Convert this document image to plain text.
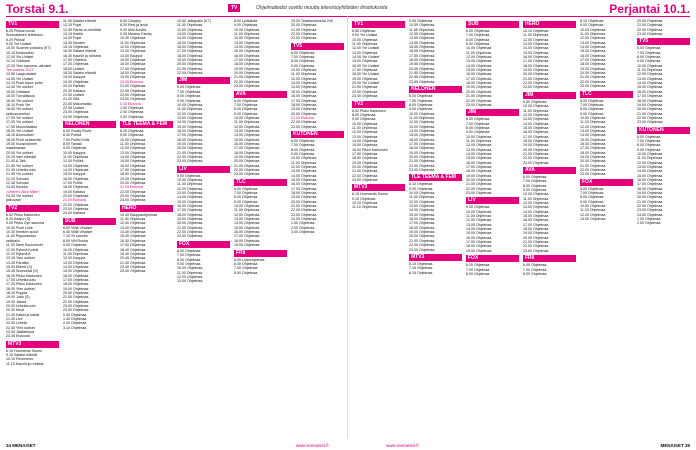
Torstai 9.1.	TV	Ohjelmatiedot sovittu muutta televisioyhtiöiden ilmoituksista	Perjantai 10.1.
TV1
6.25 Pirkka!-kuvia
Suomalaisen television
6.29 Pirkka!
9.00 Yle Uutiset
10.00 Suomen poikkea (KT)
10.15 Keskustelu
12.00 Yle Uutiset
12.14 Oddasat
12.20 Ylen sanoma -aikuiset
Tee uusinta 2017
13.55 Laaja-alaiset
14.00 Yle Uutiset
14.10 Puoli lopun puhe
14.40 Yle uutiset
15.00 Oddasat
15.00 Turvallisuus
16.00 Yle uutiset
16.10 Puoli Yle
16.55 Yle uutiset
selkosuomeksi
17.00 Yle uutiset
17.05 Yle uutiset
17.55 Muumilaakso
18.00 Yle Uutiset
18.15 Alueuutiset
18.25 Puoli seitsemän
19.00 Kuusrosimen
maailmansa
20.00 Yle uutiset
20.15 Vain elämää
21.00 A-Talk
21.50 Yle uutiset
21.49 Urheiluruutu
21.55 Yle uutiset
22.20 Sohvasi
22.38 Sohvasi
23.50 Keuhko
-Where's Alice Miller?
24.00 Yle uutiset
jatkuvasti
TV2
6.52 Pikku Kakkonen
8.20 Kaapo (S)
9.00 Pikku Oyn sanoma
10.00 Puoli Luke
10.30 Ihmisen suvut
11.00 Pippuraudan
seikkailu
11.30 Sami Kuulumiset
12.00 Ryhmä Korkki
12.20 Ryhmä A
13.15 Ylen uutiset
13.30 Paratiisi
15.00 Elämä (S)
15.45 Sunnuntai (S)
16.00 Pikku Kakkonen
17.05 Urheiluruutu
17.25 Pikku Kakkonen
18.00 Ylen uutiset
18.15 Poppia
19.00 Juttu (S)
19.30 Jaksot
20.00 Urheiluruutu
20.30 Muut
21.00 Kaikki ja kaikki
21.30 Live
22.00 Urheilu
22.30 Ylen uutiset
23.05 Jääkiekkoa
23.35 Elokuvat
MTV3
6.15 Huomenta Suomi
9.15 Salatut elämät
10.15 Fenomeno
11.15 Kauniit ja rohkeat
11.45 Salatut elämät
12.15 Pojat
12.45 Paras on kehittää
13.15 Keittiö
14.00 Pojat
14.45 Muuten
15.15 Ohjelmaa
16.00 Salatut elämät
16.30 Kauniit ja rohkeat
17.00 Ohjelma
17.30 Ohjelmaa
18.00 Uutiset
18.30 Salatut elämät
19.00 Kauppa
19.30 Ohjelmaa
20.00 Paritalo
20.30 Kattaus
21.00 Uutiset
21.20 Sää
22.00 Makumatka
22.45 Uutiset
23.00 Ohjelmaa
24.00 Ohjelmaa
NELONEN
6.00 Ruoky Rovin
6.30 Poliisit
7.00 Poliisi Dolts
8.00 Tanssii
9.00 Ohjelmaa
10.00 Kauppa
11.00 Ohjelmaa
12.00 Poliisit
13.00 Ohjelmaa
14.00 Ohjelmaa
15.00 Kauppa
16.00 Ohjelmaa
17.00 Poliisi
18.00 Ohjelmaa
19.00 Kattaus
20.00 Ohjelmaa
21.00 Elokuva
22.00 Ohjelmaa
23.00 Ohjelmaa
24.00 Kattaus
SUB
6.00 Villiä Vihaiset
6.40 Villiä Vihaiset
7.10 Yli sanottu
8.00 Villi Ruoka
9.00 Ohjelmaa
10.00 Ohjelmaa
11.00 Ohjelmaa
12.00 Kauppa
13.00 Ohjelmaa
14.00 Ohjelmaa
15.00 Ohjelmaa
16.00 Ohjelmaa
17.00 Ohjelmaa
18.00 Ohjelmaa
19.00 Ohjelmaa
20.00 Ohjelmaa
21.00 Ohjelmaa
22.00 Ohjelmaa
23.00 Ohjelmaa
24.00 Ohjelmaa
0.40 Ohjelmaa
1.30 Ohjelmaa
2.20 Ohjelmaa
3.10 Ohjelmaa
8.00 Cinqsky
8.30 Reis ja ismä
9.00 Mini-Kooba
9.30 Modern Family
10.30 Ohjelmaa
11.00 Ohjelmaa
12.00 Ohjelmaa
13.00 Ohjelmaa
14.00 Kauppa
15.00 Ohjelmaa
16.00 Ohjelmaa
17.00 Ohjelmaa
18.00 Ohjelmaa
19.00 Ohjelmaa
20.00 Elokuva
21.00 Ohjelmaa
22.00 Ohjelmaa
23.00 Ohjelmaa
24.00 Ohjelmaa
0.30 Elokuva
1.00 Ohjelmaa
2.00 Ohjelmaa
3.00 Ohjelmaa
TLE TEEMA & FEM
8.15 Ohjelmaa
9.00 Ohjelmaa
10.00 Ohjelmaa
11.00 Ohjelmaa
12.00 Ohjelmaa
13.00 Ohjelmaa
14.00 Ohjelmaa
15.00 Ohjelmaa
16.00 Ohjelmaa
17.00 Ohjelmaa
18.00 Ohjelmaa
19.00 Ohjelmaa
20.00 Ohjelmaa
21.00 Elokuva
22.00 Ohjelmaa
23.00 Ohjelmaa
24.00 Ohjelmaa
HERO
10.40 Kauppaohjelmaa
11.40 Ohjelmaa
12.40 Ohjelmaa
13.40 Ohjelmaa
14.40 Ohjelmaa
15.40 Ohjelmaa
16.40 Ohjelmaa
17.40 Ohjelmaa
18.40 Ohjelmaa
19.40 Ohjelmaa
20.40 Ohjelmaa
21.40 Ohjelmaa
22.40 Ohjelmaa
23.40 Ohjelmaa
10.50 Jalkapallo (KT)
11.00 Ohjelmaa
12.00 Ohjelmaa
13.00 Ohjelmaa
14.00 Ohjelmaa
15.00 Ohjelmaa
16.00 Ohjelmaa
17.00 Ohjelmaa
18.00 Ohjelmaa
19.00 Ohjelmaa
20.00 Ohjelmaa
21.00 Ohjelmaa
22.00 Ohjelmaa
JIM
6.00 Ohjelmaa
7.00 Ohjelmaa
8.00 Ohjelmaa
9.00 Ohjelmaa
10.00 Ohjelmaa
11.00 Ohjelmaa
12.00 Ohjelmaa
13.00 Ohjelmaa
14.00 Ohjelmaa
15.00 Ohjelmaa
16.00 Ohjelmaa
17.00 Ohjelmaa
18.00 Ohjelmaa
19.00 Ohjelmaa
20.00 Ohjelmaa
21.00 Ohjelmaa
22.00 Ohjelmaa
23.00 Ohjelmaa
LIV
9.00 Ohjelmaa
10.00 Ohjelmaa
11.00 Ohjelmaa
12.00 Ohjelmaa
13.00 Ohjelmaa
14.00 Ohjelmaa
15.00 Ohjelmaa
16.00 Ohjelmaa
17.00 Ohjelmaa
18.00 Ohjelmaa
19.00 Ohjelmaa
20.00 Ohjelmaa
21.00 Ohjelmaa
22.00 Ohjelmaa
23.00 Ohjelmaa
FOX
6.00 Ohjelmaa
7.00 Ohjelmaa
8.00 Ohjelmaa
9.00 Ohjelmaa
10.00 Ohjelmaa
11.00 Ohjelmaa
12.00 Ohjelmaa
13.00 Ohjelmaa
8.00 Lyhkäistä
9.00 Ohjelmaa
10.00 Ohjelmaa
11.00 Ohjelmaa
12.00 Ohjelmaa
13.00 Ohjelmaa
14.00 Ohjelmaa
15.00 Ohjelmaa
16.00 Ohjelmaa
17.00 Ohjelmaa
18.00 Ohjelmaa
19.00 Ohjelmaa
20.00 Ohjelmaa
21.00 Ohjelmaa
22.00 Ohjelmaa
23.00 Ohjelmaa
AVA
6.00 Ohjelmaa
7.00 Ohjelmaa
8.00 Ohjelmaa
9.00 Ohjelmaa
10.00 Ohjelmaa
11.00 Ohjelmaa
12.00 Ohjelmaa
13.00 Ohjelmaa
14.00 Ohjelmaa
15.00 Ohjelmaa
16.00 Ohjelmaa
17.00 Ohjelmaa
18.00 Ohjelmaa
19.00 Ohjelmaa
20.00 Ohjelmaa
21.00 Ohjelmaa
22.00 Ohjelmaa
23.00 Ohjelmaa
TLC
6.00 Ohjelmaa
7.00 Ohjelmaa
8.00 Ohjelmaa
9.00 Ohjelmaa
10.00 Ohjelmaa
11.00 Ohjelmaa
12.00 Ohjelmaa
13.00 Ohjelmaa
14.00 Ohjelmaa
15.00 Ohjelmaa
16.00 Ohjelmaa
17.00 Ohjelmaa
18.00 Ohjelmaa
19.00 Ohjelmaa
FRII
6.05 Lintuohjelmaa
6.30 Ohjelmaa
7.00 Ohjelmaa
8.00 Ohjelmaa
19.00 Tarabandoosha 24h
20.00 Ohjelmaa
21.00 Ohjelmaa
22.00 Ohjelmaa
23.00 Ohjelmaa
TV5
6.00 Ohjelmaa
7.00 Ohjelmaa
8.00 Ohjelmaa
9.00 Ohjelmaa
10.00 Ohjelmaa
11.00 Ohjelmaa
12.00 Ohjelmaa
13.00 Ohjelmaa
14.00 Ohjelmaa
15.00 Ohjelmaa
16.00 Ohjelmaa
17.00 Ohjelmaa
18.00 Ohjelmaa
19.00 Ohjelmaa
20.00 Ohjelmaa
21.00 Elokuva
22.00 Ohjelmaa
23.00 Ohjelmaa
KUTONEN
6.00 Ohjelmaa
7.00 Ohjelmaa
8.00 Ohjelmaa
9.00 Ohjelmaa
10.00 Ohjelmaa
11.00 Ohjelmaa
12.00 Ohjelmaa
13.00 Ohjelmaa
14.00 Ohjelmaa
15.00 Ohjelmaa
16.00 Ohjelmaa
17.00 Ohjelmaa
18.00 Ohjelmaa
19.00 Ohjelmaa
20.00 Ohjelmaa
21.00 Ohjelmaa
22.00 Ohjelmaa
23.00 Ohjelmaa
24.00 Ohjelmaa
1.00 Ohjelmaa
2.00 Ohjelmaa
3.00 Ohjelmaa
TV1
6.55 Ohjelmaa
9.00 Yle Uutiset
10.00 Ohjelmaa
11.00 Ohjelmaa
12.00 Yle Uutiset
13.00 Ohjelmaa
14.00 Yle Uutiset
15.00 Ohjelmaa
16.00 Yle Uutiset
17.00 Ohjelmaa
18.00 Yle Uutiset
19.00 Ohjelmaa
20.00 Yle Uutiset
21.00 Ohjelmaa
22.00 Ohjelmaa
23.00 Ohjelmaa
TV2
6.52 Pikku Kakkonen
8.00 Ohjelmaa
9.00 Ohjelmaa
10.00 Ohjelmaa
11.00 Ohjelmaa
12.00 Ohjelmaa
13.00 Ohjelmaa
14.00 Ohjelmaa
15.00 Ohjelmaa
16.00 Pikku Kakkonen
17.00 Ohjelmaa
18.00 Ohjelmaa
19.00 Ohjelmaa
20.00 Ohjelmaa
21.00 Ohjelmaa
22.00 Ohjelmaa
23.00 Ohjelmaa
MTV3
6.15 Huomenta Suomi
9.15 Ohjelmaa
10.15 Ohjelmaa
11.15 Ohjelmaa
9.55 Ohjelmaa
10.55 Ohjelmaa
11.55 Ohjelmaa
12.55 Ohjelmaa
13.55 Ohjelmaa
14.55 Ohjelmaa
15.55 Ohjelmaa
16.55 Ohjelmaa
17.55 Ohjelmaa
18.55 Ohjelmaa
19.55 Ohjelmaa
20.55 Ohjelmaa
21.55 Ohjelmaa
22.55 Ohjelmaa
23.55 Ohjelmaa
NELONEN
6.00 Ohjelmaa
7.00 Ohjelmaa
8.00 Ohjelmaa
9.00 Ohjelmaa
10.00 Ohjelmaa
11.00 Ohjelmaa
12.00 Ohjelmaa
13.00 Ohjelmaa
14.00 Ohjelmaa
15.00 Ohjelmaa
16.00 Ohjelmaa
17.00 Ohjelmaa
18.00 Ohjelmaa
19.00 Ohjelmaa
20.00 Ohjelmaa
21.00 Ohjelmaa
22.00 Ohjelmaa
23.00 Ohjelmaa
TLE TEEMA & FEM
8.10 Ohjelmaa
9.00 Ohjelmaa
10.00 Ohjelmaa
11.00 Ohjelmaa
12.00 Ohjelmaa
13.00 Ohjelmaa
14.00 Ohjelmaa
15.00 Ohjelmaa
16.00 Ohjelmaa
17.00 Ohjelmaa
18.00 Ohjelmaa
19.00 Ohjelmaa
20.00 Ohjelmaa
21.00 Ohjelmaa
22.00 Ohjelmaa
23.00 Ohjelmaa
MTV3
6.15 Ohjelmaa
7.15 Ohjelmaa
8.15 Ohjelmaa
SUB
6.00 Ohjelmaa
7.00 Ohjelmaa
8.00 Ohjelmaa
9.00 Ohjelmaa
10.00 Ohjelmaa
11.00 Ohjelmaa
12.00 Ohjelmaa
13.00 Ohjelmaa
14.00 Ohjelmaa
15.00 Ohjelmaa
16.00 Ohjelmaa
17.00 Ohjelmaa
18.00 Ohjelmaa
19.00 Ohjelmaa
20.00 Ohjelmaa
21.00 Ohjelmaa
22.00 Ohjelmaa
23.00 Ohjelmaa
JIM
6.00 Ohjelmaa
7.00 Ohjelmaa
8.00 Ohjelmaa
9.00 Ohjelmaa
10.00 Ohjelmaa
11.00 Ohjelmaa
12.00 Ohjelmaa
13.00 Ohjelmaa
14.00 Ohjelmaa
15.00 Ohjelmaa
16.00 Ohjelmaa
17.00 Ohjelmaa
18.00 Ohjelmaa
19.00 Ohjelmaa
20.00 Ohjelmaa
21.00 Ohjelmaa
22.00 Ohjelmaa
23.00 Ohjelmaa
LIV
9.00 Ohjelmaa
10.00 Ohjelmaa
11.00 Ohjelmaa
12.00 Ohjelmaa
13.00 Ohjelmaa
14.00 Ohjelmaa
15.00 Ohjelmaa
16.00 Ohjelmaa
17.00 Ohjelmaa
18.00 Ohjelmaa
19.00 Ohjelmaa
FOX
6.00 Ohjelmaa
7.00 Ohjelmaa
8.00 Ohjelmaa
HERO
10.10 Ohjelmaa
11.00 Ohjelmaa
12.00 Ohjelmaa
13.00 Ohjelmaa
14.00 Ohjelmaa
15.00 Ohjelmaa
16.00 Ohjelmaa
17.00 Ohjelmaa
18.00 Ohjelmaa
19.00 Ohjelmaa
20.00 Ohjelmaa
21.00 Ohjelmaa
22.00 Ohjelmaa
23.00 Ohjelmaa
JIM
9.00 Ohjelmaa
10.00 Ohjelmaa
11.00 Ohjelmaa
12.00 Ohjelmaa
13.00 Ohjelmaa
14.00 Ohjelmaa
15.00 Ohjelmaa
16.00 Ohjelmaa
17.00 Ohjelmaa
18.00 Ohjelmaa
19.00 Ohjelmaa
20.00 Ohjelmaa
21.00 Ohjelmaa
22.00 Ohjelmaa
23.00 Ohjelmaa
AVA
6.00 Ohjelmaa
7.00 Ohjelmaa
8.00 Ohjelmaa
9.00 Ohjelmaa
10.00 Ohjelmaa
11.00 Ohjelmaa
12.00 Ohjelmaa
13.00 Ohjelmaa
14.00 Ohjelmaa
15.00 Ohjelmaa
16.00 Ohjelmaa
17.00 Ohjelmaa
18.00 Ohjelmaa
19.00 Ohjelmaa
20.00 Ohjelmaa
21.00 Ohjelmaa
22.00 Ohjelmaa
23.00 Ohjelmaa
FRII
6.05 Ohjelmaa
7.00 Ohjelmaa
8.00 Ohjelmaa
8.10 Ohjelmaa
9.00 Ohjelmaa
10.00 Ohjelmaa
11.00 Ohjelmaa
12.00 Ohjelmaa
13.00 Ohjelmaa
14.00 Ohjelmaa
15.00 Ohjelmaa
16.00 Ohjelmaa
17.00 Ohjelmaa
18.00 Ohjelmaa
19.00 Ohjelmaa
20.00 Ohjelmaa
21.00 Ohjelmaa
22.00 Ohjelmaa
23.00 Ohjelmaa
TLC
6.00 Ohjelmaa
7.00 Ohjelmaa
8.00 Ohjelmaa
9.00 Ohjelmaa
10.00 Ohjelmaa
11.00 Ohjelmaa
12.00 Ohjelmaa
13.00 Ohjelmaa
14.00 Ohjelmaa
15.00 Ohjelmaa
16.00 Ohjelmaa
17.00 Ohjelmaa
18.00 Ohjelmaa
19.00 Ohjelmaa
20.00 Ohjelmaa
21.00 Ohjelmaa
22.00 Ohjelmaa
23.00 Ohjelmaa
FOX
6.00 Ohjelmaa
7.00 Ohjelmaa
8.00 Ohjelmaa
9.00 Ohjelmaa
10.00 Ohjelmaa
11.00 Ohjelmaa
12.00 Ohjelmaa
13.00 Ohjelmaa
20.00 Ohjelmaa
21.00 Ohjelmaa
22.00 Ohjelmaa
23.00 Ohjelmaa
TV5
6.00 Ohjelmaa
7.00 Ohjelmaa
8.00 Ohjelmaa
9.00 Ohjelmaa
10.00 Ohjelmaa
11.00 Ohjelmaa
12.00 Ohjelmaa
13.00 Ohjelmaa
14.00 Ohjelmaa
15.00 Ohjelmaa
16.00 Ohjelmaa
17.00 Ohjelmaa
18.00 Ohjelmaa
19.00 Ohjelmaa
20.00 Ohjelmaa
21.00 Ohjelmaa
22.00 Ohjelmaa
23.00 Ohjelmaa
KUTONEN
6.00 Ohjelmaa
7.00 Ohjelmaa
8.00 Ohjelmaa
9.00 Ohjelmaa
10.00 Ohjelmaa
11.00 Ohjelmaa
12.00 Ohjelmaa
13.00 Ohjelmaa
14.00 Ohjelmaa
15.00 Ohjelmaa
16.00 Ohjelmaa
17.00 Ohjelmaa
18.00 Ohjelmaa
19.00 Ohjelmaa
20.00 Ohjelmaa
21.00 Ohjelmaa
22.00 Ohjelmaa
23.00 Ohjelmaa
24.00 Ohjelmaa
1.00 Ohjelmaa
2.00 Ohjelmaa
34 MENAISET	www.menaiset.fi	www.menaiset.fi	MENAISET 35
